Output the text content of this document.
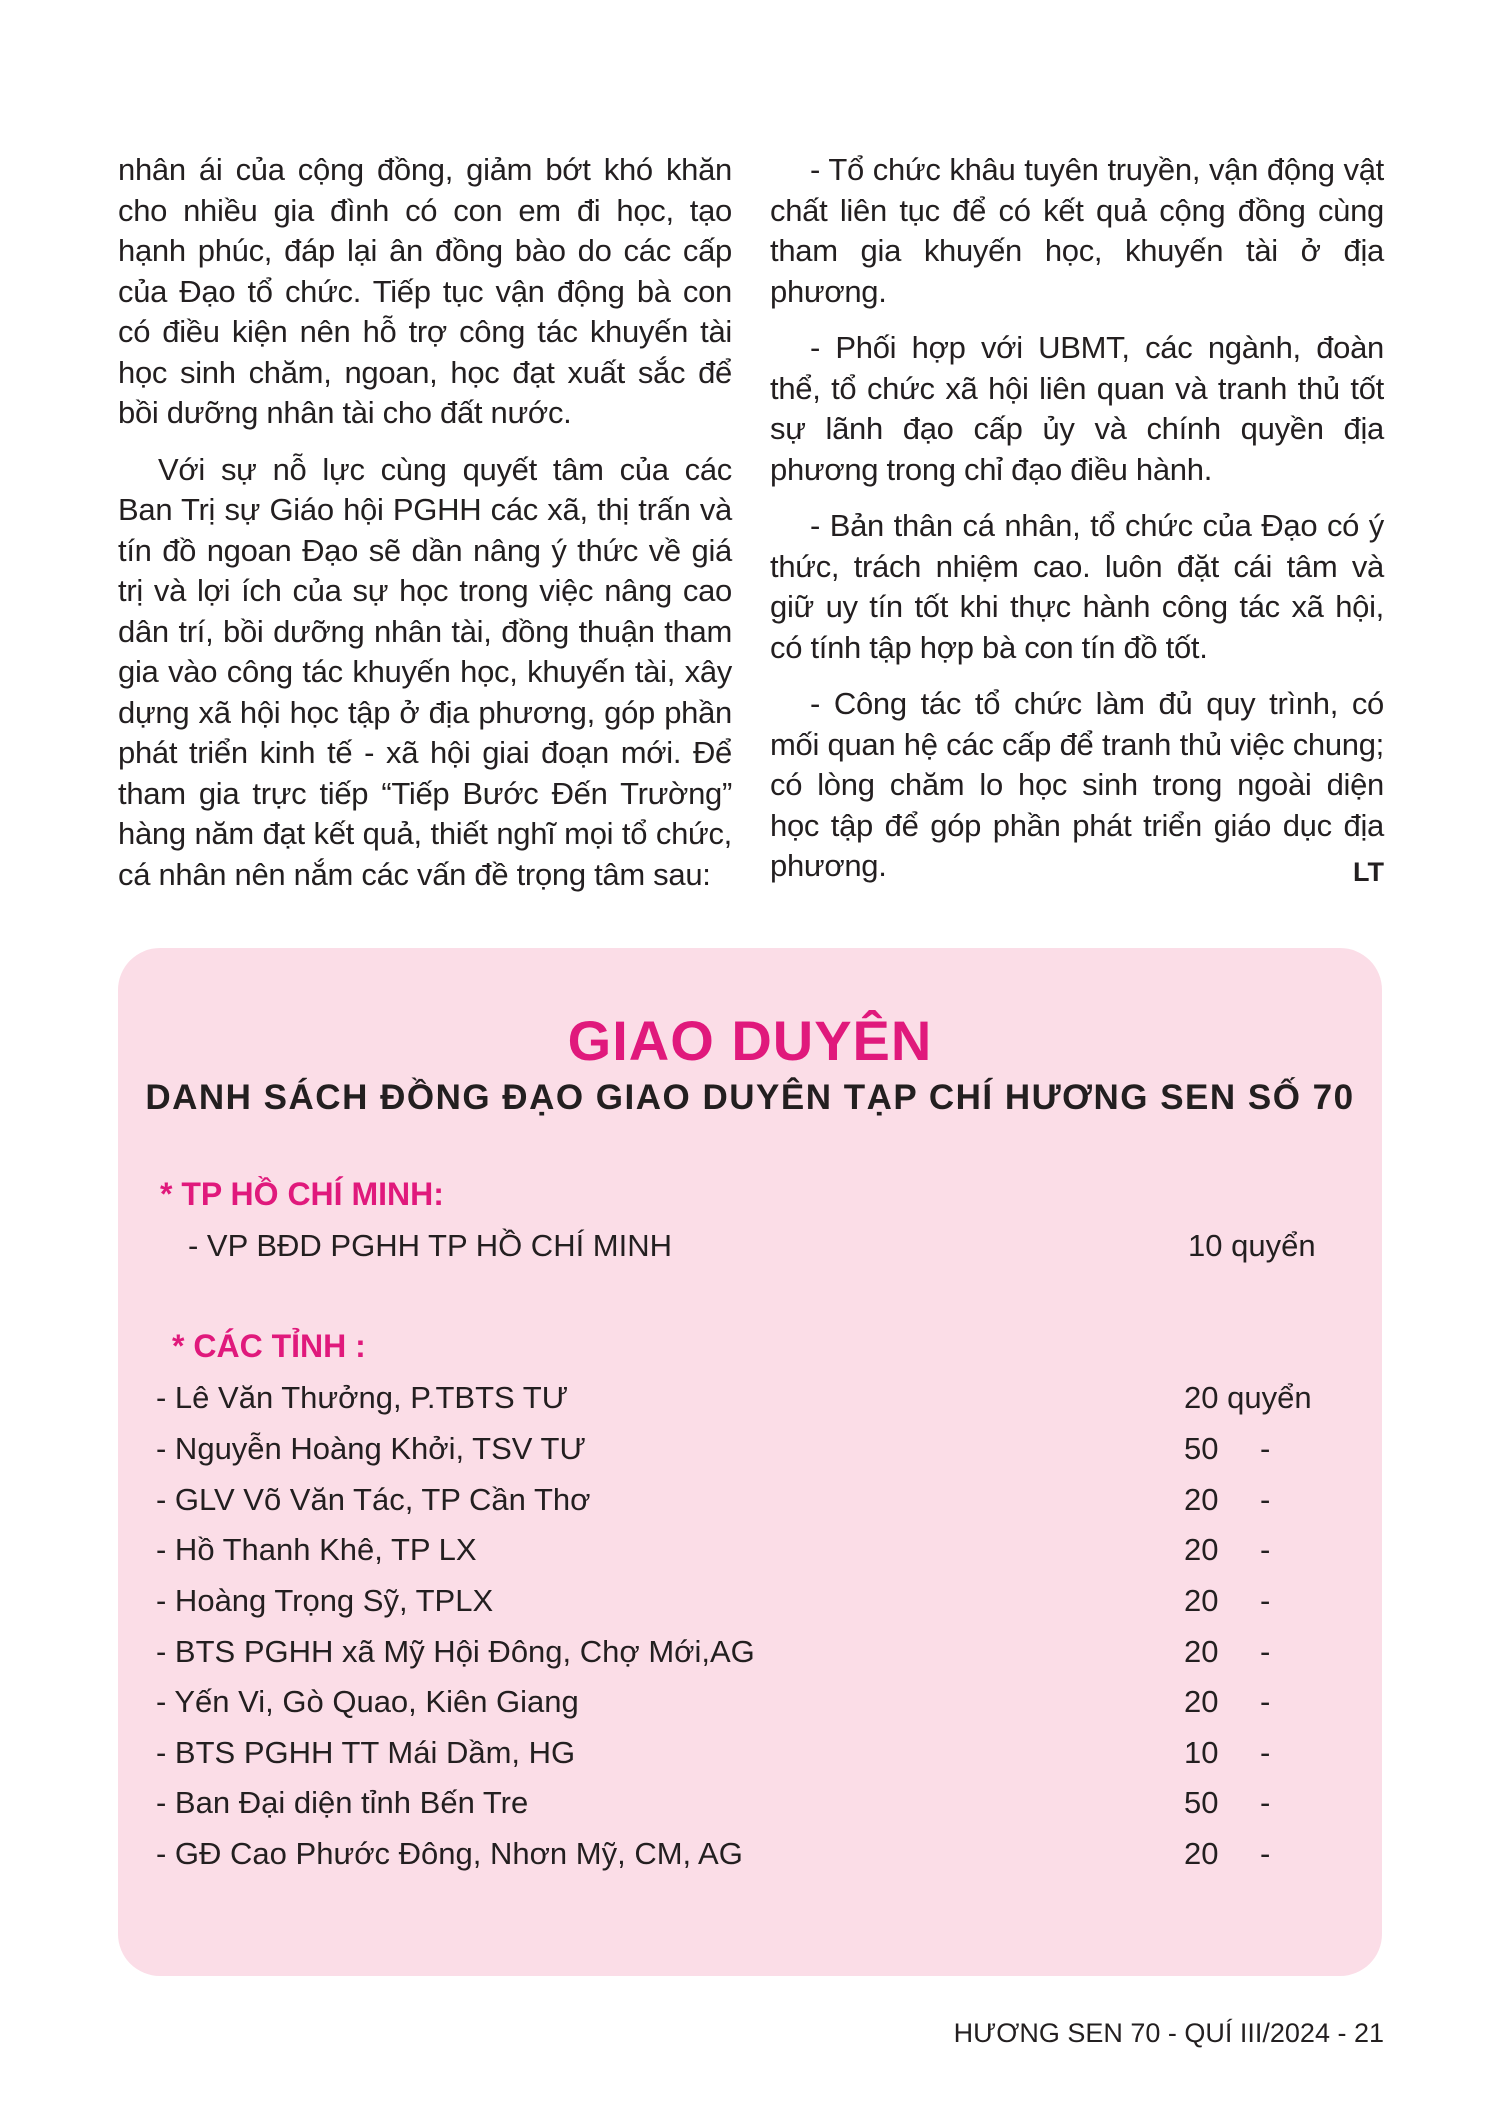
nhân ái của cộng đồng, giảm bớt khó khăn cho nhiều gia đình có con em đi học, tạo hạnh phúc, đáp lại ân đồng bào do các cấp của Đạo tổ chức. Tiếp tục vận động bà con có điều kiện nên hỗ trợ công tác khuyến tài học sinh chăm, ngoan, học đạt xuất sắc để bồi dưỡng nhân tài cho đất nước.

Với sự nỗ lực cùng quyết tâm của các Ban Trị sự Giáo hội PGHH các xã, thị trấn và tín đồ ngoan Đạo sẽ dần nâng ý thức về giá trị và lợi ích của sự học trong việc nâng cao dân trí, bồi dưỡng nhân tài, đồng thuận tham gia vào công tác khuyến học, khuyến tài, xây dựng xã hội học tập ở địa phương, góp phần phát triển kinh tế - xã hội giai đoạn mới. Để tham gia trực tiếp “Tiếp Bước Đến Trường” hàng năm đạt kết quả, thiết nghĩ mọi tổ chức, cá nhân nên nắm các vấn đề trọng tâm sau:

- Tổ chức khâu tuyên truyền, vận động vật chất liên tục để có kết quả cộng đồng cùng tham gia khuyến học, khuyến tài ở địa phương.

- Phối hợp với UBMT, các ngành, đoàn thể, tổ chức xã hội liên quan và tranh thủ tốt sự lãnh đạo cấp ủy và chính quyền địa phương trong chỉ đạo điều hành.

- Bản thân cá nhân, tổ chức của Đạo có ý thức, trách nhiệm cao. luôn đặt cái tâm và giữ uy tín tốt khi thực hành công tác xã hội, có tính tập hợp bà con tín đồ tốt.

- Công tác tổ chức làm đủ quy trình, có mối quan hệ các cấp để tranh thủ việc chung; có lòng chăm lo học sinh trong ngoài diện học tập để góp phần phát triển giáo dục địa phương.	LT
GIAO DUYÊN
DANH SÁCH ĐỒNG ĐẠO GIAO DUYÊN TẠP CHÍ HƯƠNG SEN SỐ 70
* TP HỒ CHÍ MINH:
- VP BĐD PGHH TP HỒ CHÍ MINH	10 quyển
* CÁC TỈNH :
- Lê Văn Thưởng, P.TBTS TƯ	20 quyển
- Nguyễn Hoàng Khởi, TSV TƯ	50 -
- GLV Võ Văn Tác, TP Cần Thơ	20 -
- Hồ Thanh Khê, TP LX	20 -
- Hoàng Trọng Sỹ, TPLX	20 -
- BTS PGHH xã Mỹ Hội Đông, Chợ Mới,AG	20 -
- Yến Vi, Gò Quao, Kiên Giang	20 -
- BTS PGHH TT Mái Dầm, HG	10 -
- Ban Đại diện tỉnh Bến Tre	50 -
- GĐ Cao Phước Đông, Nhơn Mỹ, CM, AG	20 -
HƯƠNG SEN 70 - QUÍ III/2024 - 21
